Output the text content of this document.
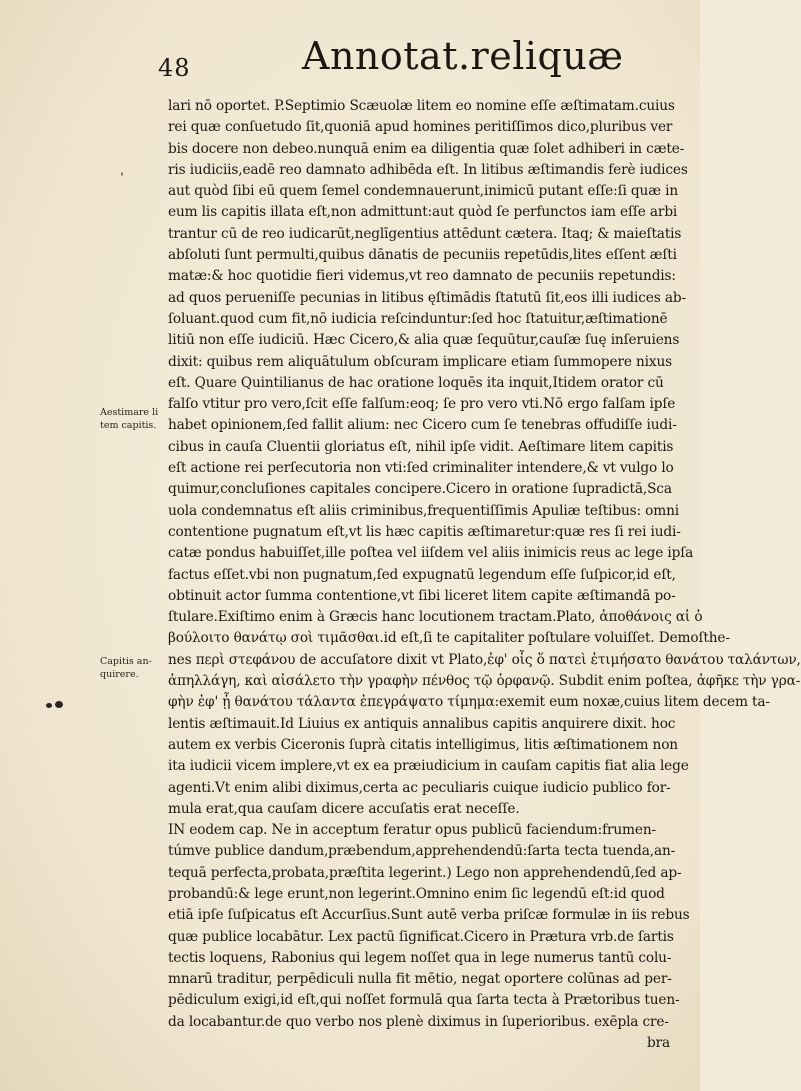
48	Annotat.reliquæ
Aestimare li
tem capitis.
Capitis an-
quirere.
lari nō oportet. P.Septimio Scæuolæ litem eo nomine eſſe æſtimatam.cuius
rei quæ conſuetudo ſit,quoniā apud homines peritiſſimos dico,pluribus ver
bis docere non debeo.nunquā enim ea diligentia quæ ſolet adhiberi in cæte-
ris iudiciis,eadē reo damnato adhibēda eſt. In litibus æſtimandis ferè iudices
aut quòd ſibi eū quem ſemel condemnauerunt,inimicū putant eſſe:ſi quæ in
eum lis capitis illata eſt,non admittunt:aut quòd ſe perfunctos iam eſſe arbi
trantur cū de reo iudicarūt,neglīgentius attēdunt cætera. Itaq; & maieſtatis
abſoluti ſunt permulti,quibus dānatis de pecuniis repetūdis,lites eſſent æſti
matæ:& hoc quotidie fieri videmus,vt reo damnato de pecuniis repetundis:
ad quos perueniſſe pecunias in litibus ęſtimādis ſtatutū ſit,eos illi iudices ab-
ſoluant.quod cum fit,nō iudicia reſcinduntur:ſed hoc ſtatuitur,æſtimationē
litiū non eſſe iudiciū. Hæc Cicero,& alia quæ ſequūtur,cauſæ ſuę inſeruiens
dixit: quibus rem aliquātulum obſcuram implicare etiam ſummopere nixus
eſt. Quare Quintilianus de hac oratione loquēs ita inquit,Itidem orator cū
falſo vtitur pro vero,ſcit eſſe falſum:eoq; ſe pro vero vti.Nō ergo falſam ipſe
habet opinionem,ſed fallit alium: nec Cicero cum ſe tenebras offudiſſe iudi-
cibus in cauſa Cluentii gloriatus eſt, nihil ipſe vidit. Aeſtimare litem capitis
eſt actione rei perſecutoria non vti:ſed criminaliter intendere,& vt vulgo lo
quimur,concluſiones capitales concipere.Cicero in oratione ſupradictā,Sca
uola condemnatus eſt aliis criminibus,frequentiſſimis Apuliæ teſtibus: omni
contentione pugnatum eſt,vt lis hæc capitis æſtimaretur:quæ res ſi rei iudi-
catæ pondus habuiſſet,ille poſtea vel iiſdem vel aliis inimicis reus ac lege ipſa
factus eſſet.vbi non pugnatum,ſed expugnatū legendum eſſe ſuſpicor,id eſt,
obtinuit actor ſumma contentione,vt ſibi liceret litem capite æſtimandā po-
ſtulare.Exiſtimo enim à Græcis hanc locutionem tractam.Plato, ἀποθάνοις αἰ ὁ
βούλοιτο θανάτῳ σοὶ τιμᾶσθαι.id eſt,ſi te capitaliter poſtulare voluiſſet. Demoſthe-
nes περὶ στεφάνου de accuſatore dixit vt Plato,ἐφ' οἷς ὅ πατεὶ ἐτιμήσατο θανάτου ταλάντων,
ἀπηλλάγη, καὶ αἰσάλετο τὴν γραφὴν πένθος τῷ ὀρφανῷ. Subdit enim poſtea, ἀφῆκε τὴν γρα-
φὴν ἐφ' ᾗ θανάτου τάλαντα ἐπεγράψατο τίμημα:exemit eum noxæ,cuius litem decem ta-
lentis æſtimauit.Id Liuius ex antiquis annalibus capitis anquirere dixit. hoc
autem ex verbis Ciceronis ſuprà citatis intelligimus, litis æſtimationem non
ita iudicii vicem implere,vt ex ea præiudicium in cauſam capitis fiat alia lege
agenti.Vt enim alibi diximus,certa ac peculiaris cuique iudicio publico for-
mula erat,qua cauſam dicere accuſatis erat neceſſe.
IN eodem cap. Ne in acceptum feratur opus publicū faciendum:frumen-
túmve publice dandum,præbendum,apprehendendū:ſarta tecta tuenda,an-
tequā perfecta,probata,præſtita legerint.) Lego non apprehendendū,ſed ap-
probandū:& lege erunt,non legerint.Omnino enim ſic legendū eſt:id quod
etiā ipſe ſuſpicatus eſt Accurſius.Sunt autē verba priſcæ formulæ in iis rebus
quæ publice locabātur. Lex pactū ſignificat.Cicero in Prætura vrb.de ſartis
tectis loquens, Rabonius qui legem noſſet qua in lege numerus tantū colu-
mnarū traditur, perpēdiculi nulla fit mētio, negat oportere colūnas ad per-
pēdiculum exigi,id eſt,qui noſſet formulā qua ſarta tecta à Prætoribus tuen-
da locabantur.de quo verbo nos plenè diximus in ſuperioribus. exēpla cre-
bra
